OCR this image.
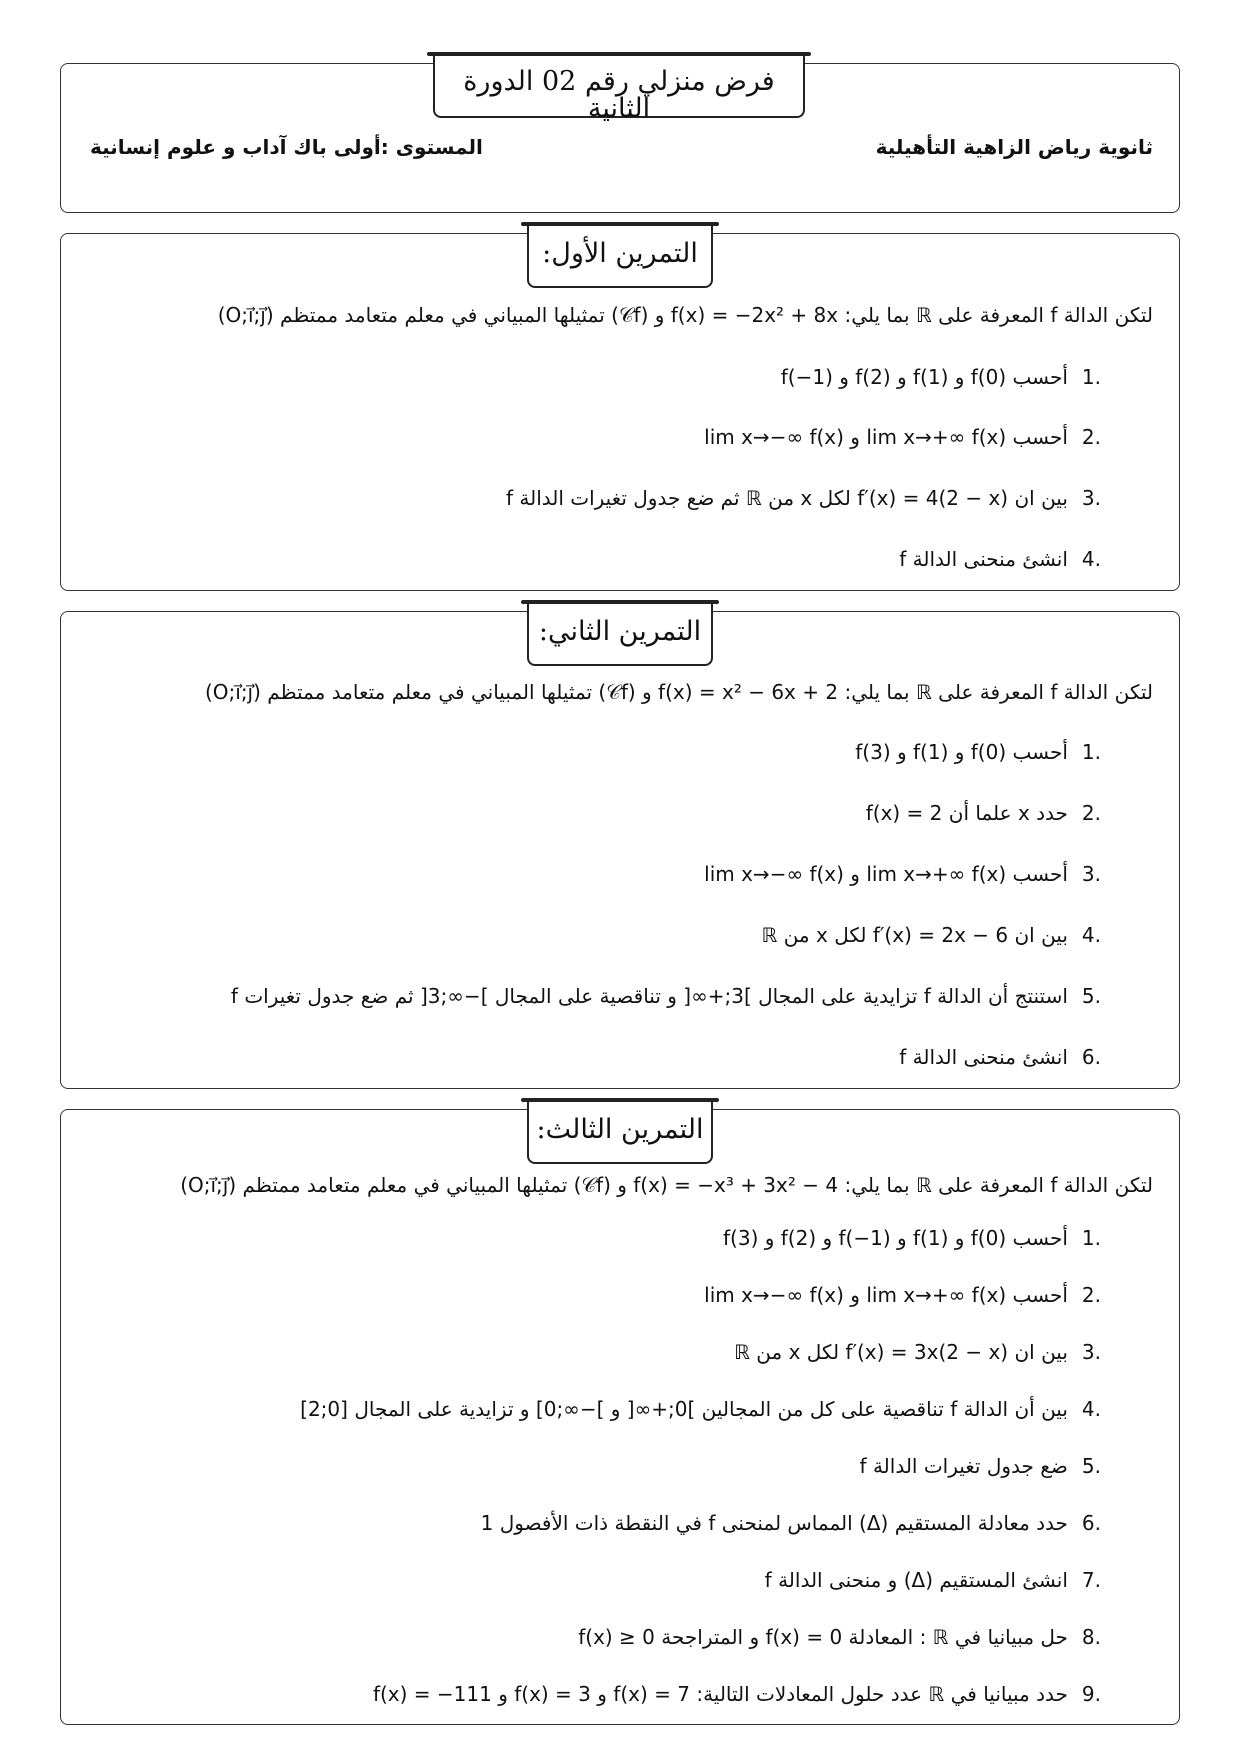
فرض منزلي رقم 02 الدورة الثانية
ثانوية رياض الزاهية التأهيلية
المستوى :أولى باك آداب و علوم إنسانية
التمرين الأول:
لتكن الدالة f المعرفة على ℝ بما يلي: f(x) = −2x² + 8x و (𝒞f) تمثيلها المبياني في معلم متعامد ممتظم (O;i⃗;j⃗)
.1أحسب f(0) و f(1) و f(2) و f(−1)
.2أحسب lim x→+∞ f(x) و lim x→−∞ f(x)
.3بين ان f′(x) = 4(2 − x) لكل x من ℝ ثم ضع جدول تغيرات الدالة f
.4انشئ منحنى الدالة f
التمرين الثاني:
لتكن الدالة f المعرفة على ℝ بما يلي: f(x) = x² − 6x + 2 و (𝒞f) تمثيلها المبياني في معلم متعامد ممتظم (O;i⃗;j⃗)
.1أحسب f(0) و f(1) و f(3)
.2حدد x علما أن f(x) = 2
.3أحسب lim x→+∞ f(x) و lim x→−∞ f(x)
.4بين ان f′(x) = 2x − 6 لكل x من ℝ
.5استنتج أن الدالة f تزايدية على المجال ]3;+∞[ و تناقصية على المجال ]−∞;3[ ثم ضع جدول تغيرات f
.6انشئ منحنى الدالة f
التمرين الثالث:
لتكن الدالة f المعرفة على ℝ بما يلي: f(x) = −x³ + 3x² − 4 و (𝒞f) تمثيلها المبياني في معلم متعامد ممتظم (O;i⃗;j⃗)
.1أحسب f(0) و f(1) و f(−1) و f(2) و f(3)
.2أحسب lim x→+∞ f(x) و lim x→−∞ f(x)
.3بين ان f′(x) = 3x(2 − x) لكل x من ℝ
.4بين أن الدالة f تناقصية على كل من المجالين ]0;+∞[ و ]−∞;0] و تزايدية على المجال [0;2]
.5ضع جدول تغيرات الدالة f
.6حدد معادلة المستقيم (Δ) المماس لمنحنى f في النقطة ذات الأفصول 1
.7انشئ المستقيم (Δ) و منحنى الدالة f
.8حل مبيانيا في ℝ : المعادلة f(x) = 0 و المتراجحة f(x) ≥ 0
.9حدد مبيانيا في ℝ عدد حلول المعادلات التالية: f(x) = 7 و f(x) = 3 و f(x) = −111
